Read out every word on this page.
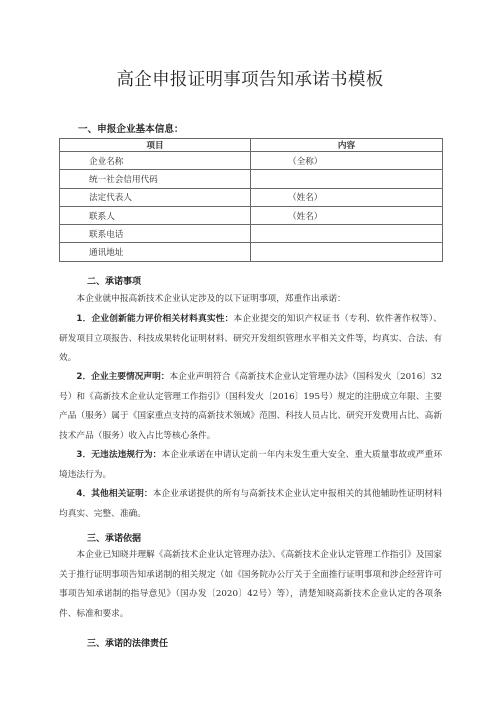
高企申报证明事项告知承诺书模板
一、申报企业基本信息：
项目	内容
企业名称	（全称）
统一社会信用代码	
法定代表人	（姓名）
联系人	（姓名）
联系电话	
通讯地址	
二、承诺事项

本企业就申报高新技术企业认定涉及的以下证明事项，郑重作出承诺：

1．企业创新能力评价相关材料真实性：本企业提交的知识产权证书（专利、软件著作权等）、研发项目立项报告、科技成果转化证明材料、研究开发组织管理水平相关文件等，均真实、合法、有效。

2．企业主要情况声明：本企业声明符合《高新技术企业认定管理办法》（国科发火〔2016〕32号）和《高新技术企业认定管理工作指引》（国科发火〔2016〕195号）规定的注册成立年限、主要产品（服务）属于《国家重点支持的高新技术领域》范围、科技人员占比、研究开发费用占比、高新技术产品（服务）收入占比等核心条件。

3．无违法违规行为：本企业承诺在申请认定前一年内未发生重大安全、重大质量事故或严重环境违法行为。

4．其他相关证明：本企业承诺提供的所有与高新技术企业认定申报相关的其他辅助性证明材料均真实、完整、准确。

三、承诺依据

本企业已知晓并理解《高新技术企业认定管理办法》、《高新技术企业认定管理工作指引》及国家关于推行证明事项告知承诺制的相关规定（如《国务院办公厅关于全面推行证明事项和涉企经营许可事项告知承诺制的指导意见》（国办发〔2020〕42号）等），清楚知晓高新技术企业认定的各项条件、标准和要求。

三、承诺的法律责任
